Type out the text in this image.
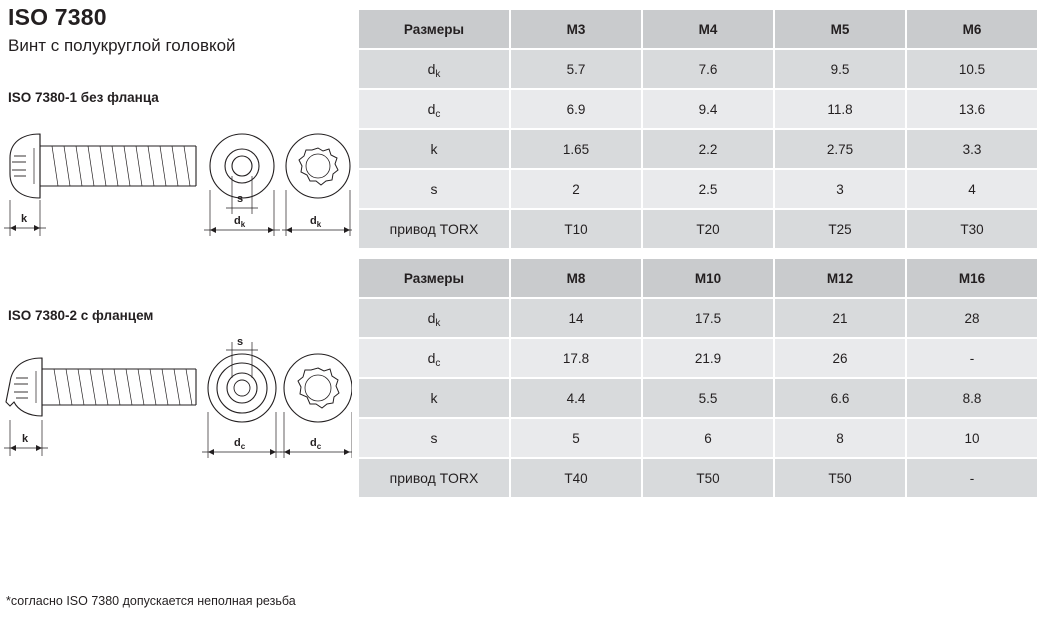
ISO 7380
Винт с полукруглой головкой
ISO 7380-1 без фланца
k
s
$d_k$	$d_k$
ISO 7380-2 с фланцем
k
s
$d_c$	$d_c$
*согласно ISO 7380 допускается неполная резьба
Размеры	M3	M4	M5	M6
$d_k$	5.7	7.6	9.5	10.5
$d_c$	6.9	9.4	11.8	13.6
k	1.65	2.2	2.75	3.3
s	2	2.5	3	4
привод TORX	T10	T20	T25	T30
Размеры	M8	M10	M12	M16
$d_k$	14	17.5	21	28
$d_c$	17.8	21.9	26	-
k	4.4	5.5	6.6	8.8
s	5	6	8	10
привод TORX	T40	T50	T50	-
